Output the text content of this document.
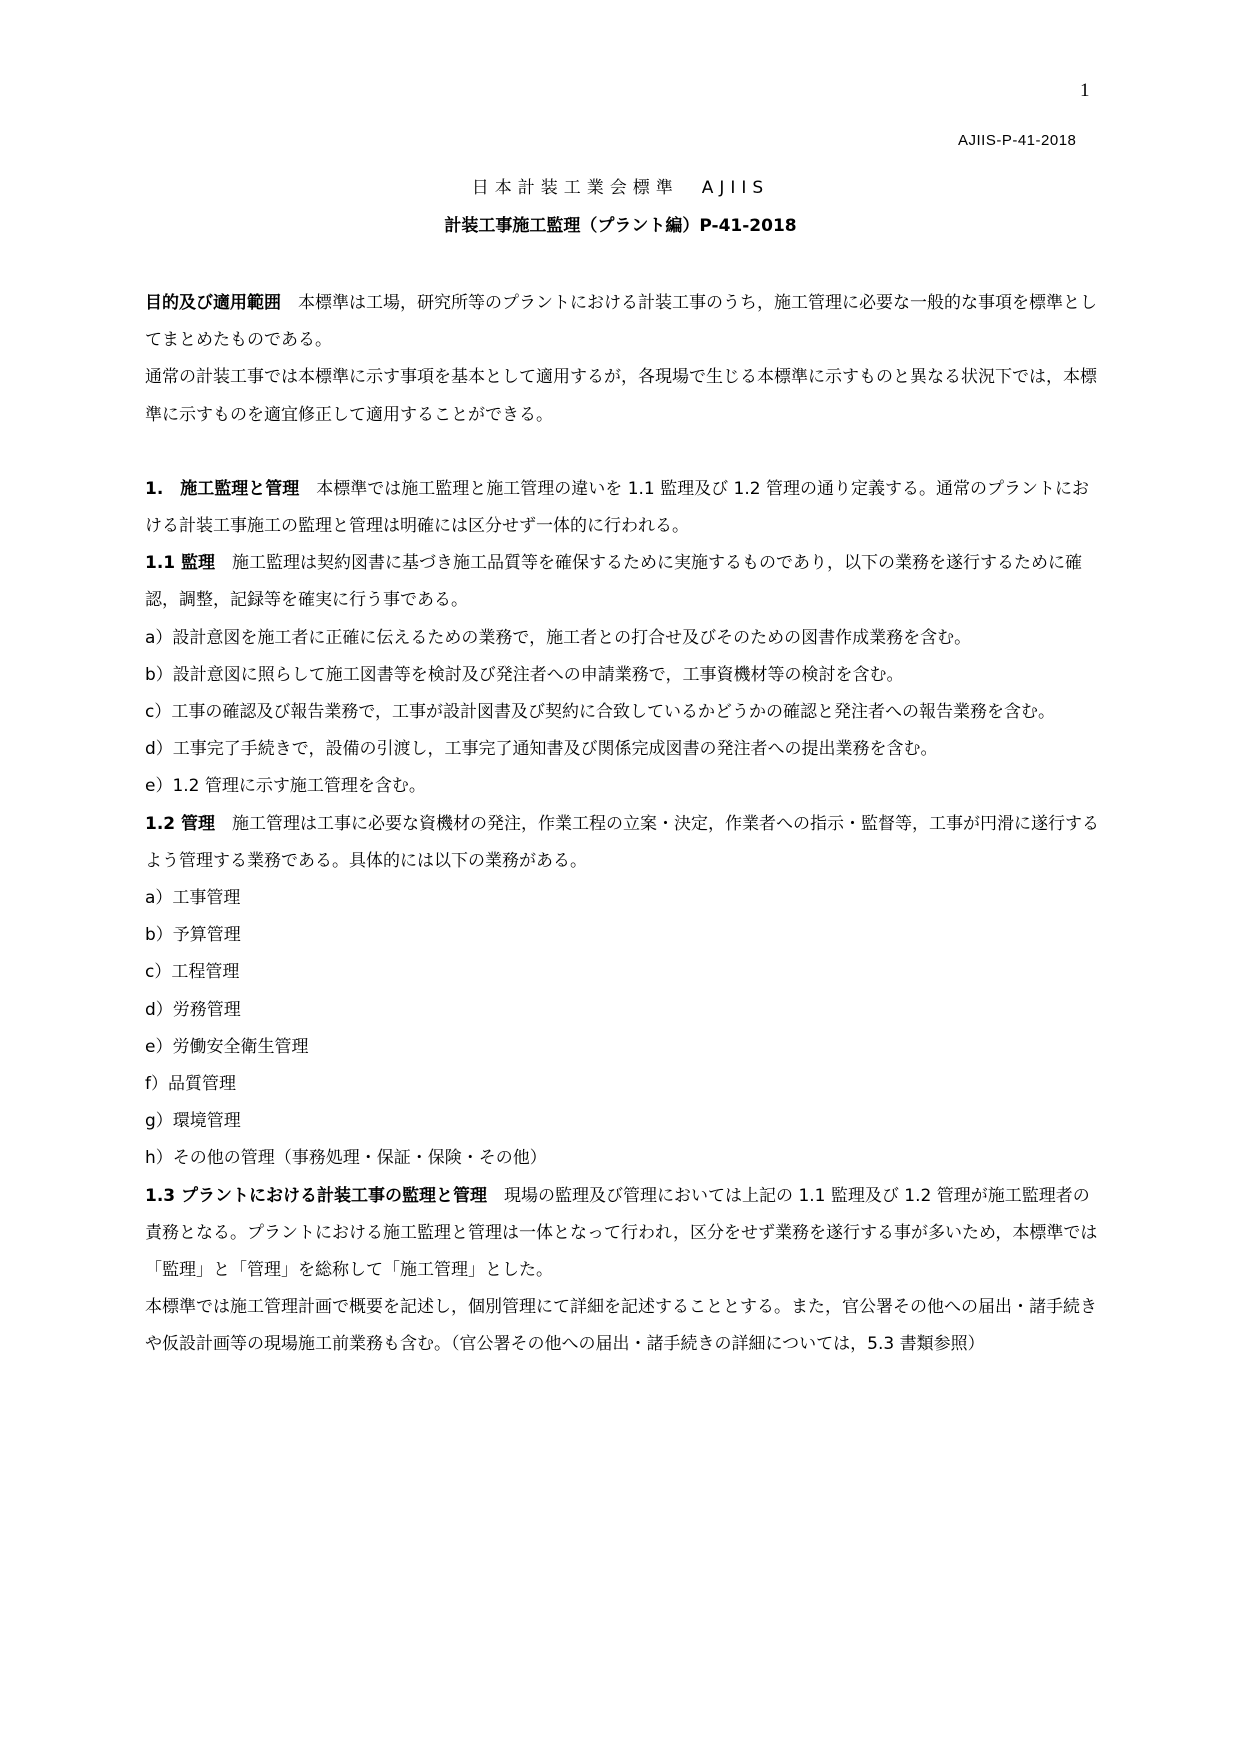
1
AJIIS-P-41-2018
日本計装工業会標準　AJIIS
計装工事施工監理（プラント編）P-41-2018

目的及び適用範囲　本標準は工場，研究所等のプラントにおける計装工事のうち，施工管理に必要な一般的な事項を標準としてまとめたものである。

通常の計装工事では本標準に示す事項を基本として適用するが，各現場で生じる本標準に示すものと異なる状況下では，本標準に示すものを適宜修正して適用することができる。

1.　施工監理と管理　本標準では施工監理と施工管理の違いを 1.1 監理及び 1.2 管理の通り定義する。通常のプラントにおける計装工事施工の監理と管理は明確には区分せず一体的に行われる。

1.1 監理　施工監理は契約図書に基づき施工品質等を確保するために実施するものであり，以下の業務を遂行するために確認，調整，記録等を確実に行う事である。

a）設計意図を施工者に正確に伝えるための業務で，施工者との打合せ及びそのための図書作成業務を含む。

b）設計意図に照らして施工図書等を検討及び発注者への申請業務で，工事資機材等の検討を含む。

c）工事の確認及び報告業務で，工事が設計図書及び契約に合致しているかどうかの確認と発注者への報告業務を含む。

d）工事完了手続きで，設備の引渡し，工事完了通知書及び関係完成図書の発注者への提出業務を含む。

e）1.2 管理に示す施工管理を含む。

1.2 管理　施工管理は工事に必要な資機材の発注，作業工程の立案・決定，作業者への指示・監督等，工事が円滑に遂行するよう管理する業務である。具体的には以下の業務がある。

a）工事管理

b）予算管理

c）工程管理

d）労務管理

e）労働安全衛生管理

f）品質管理

g）環境管理

h）その他の管理（事務処理・保証・保険・その他）

1.3 プラントにおける計装工事の監理と管理　現場の監理及び管理においては上記の 1.1 監理及び 1.2 管理が施工監理者の責務となる。プラントにおける施工監理と管理は一体となって行われ，区分をせず業務を遂行する事が多いため，本標準では「監理」と「管理」を総称して「施工管理」とした。

本標準では施工管理計画で概要を記述し，個別管理にて詳細を記述することとする。また，官公署その他への届出・諸手続きや仮設計画等の現場施工前業務も含む。（官公署その他への届出・諸手続きの詳細については，5.3 書類参照）
